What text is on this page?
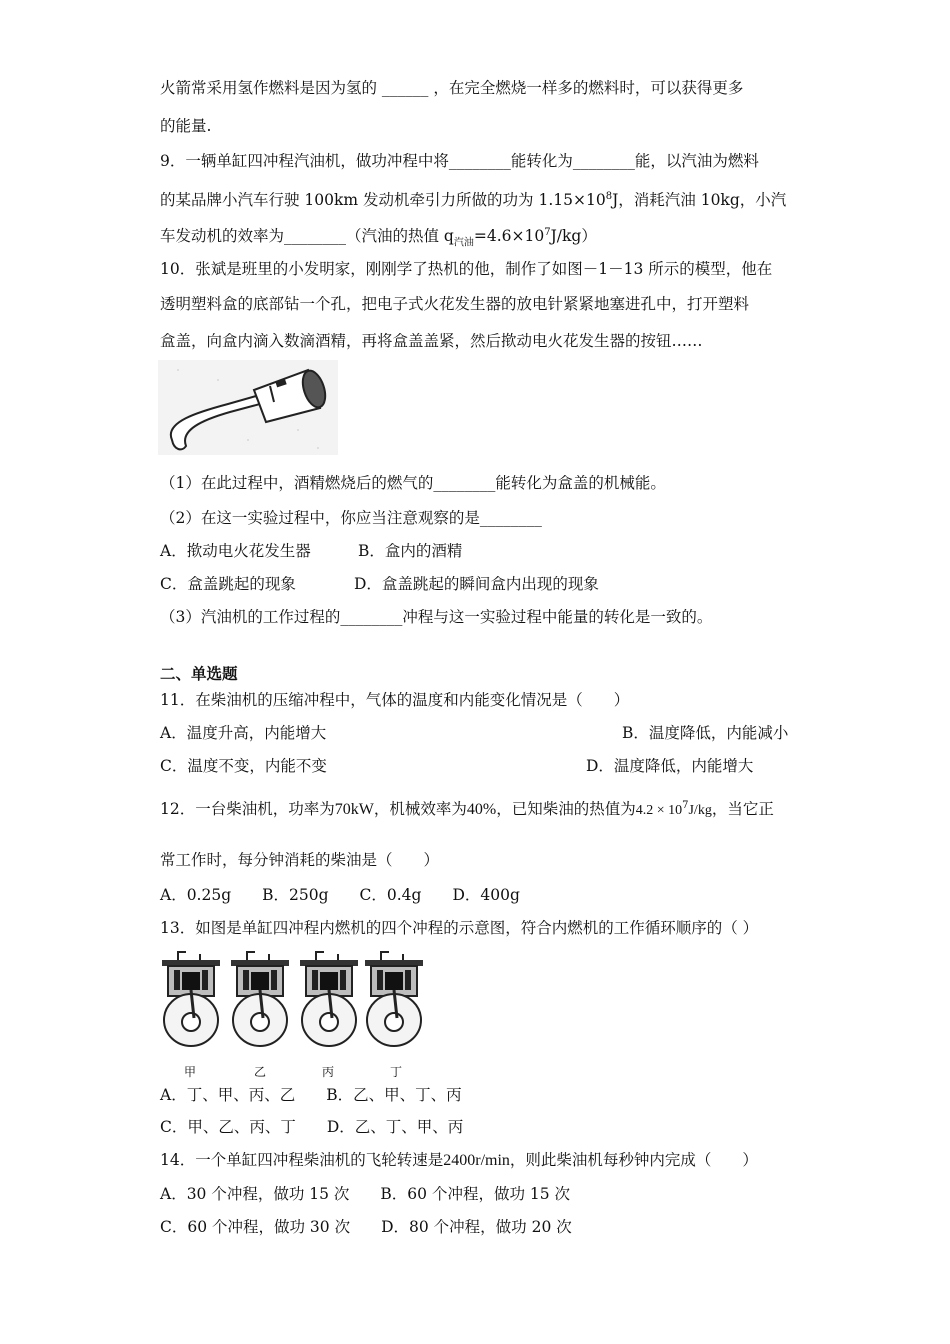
火箭常采用氢作燃料是因为氢的 ______ ，在完全燃烧一样多的燃料时，可以获得更多
的能量.
9．一辆单缸四冲程汽油机，做功冲程中将________能转化为________能，以汽油为燃料
的某品牌小汽车行驶 100km 发动机牵引力所做的功为 $1.15\times 10^8J$，消耗汽油 10kg，小汽
车发动机的效率为________（汽油的热值 $q_{汽油}=4.6\times 10^7J/kg$）
10．张斌是班里的小发明家，刚刚学了热机的他，制作了如图－1－13 所示的模型，他在
透明塑料盒的底部钻一个孔，把电子式火花发生器的放电针紧紧地塞进孔中，打开塑料
盒盖，向盒内滴入数滴酒精，再将盒盖盖紧，然后揿动电火花发生器的按钮……
（1）在此过程中，酒精燃烧后的燃气的________能转化为盒盖的机械能。
（2）在这一实验过程中，你应当注意观察的是________
A．揿动电火花发生器	B．盒内的酒精
C．盒盖跳起的现象	D．盒盖跳起的瞬间盒内出现的现象
（3）汽油机的工作过程的________冲程与这一实验过程中能量的转化是一致的。
二、单选题
11．在柴油机的压缩冲程中，气体的温度和内能变化情况是（　　）
A．温度升高，内能增大	B．温度降低，内能减小
C．温度不变，内能不变	D．温度降低，内能增大
12．一台柴油机，功率为70kW，机械效率为40%，已知柴油的热值为$4.2 \times 10^7J/kg$，当它正
常工作时，每分钟消耗的柴油是（　　）
A．0.25g　　B．250g　　C．0.4g　　D．400g
13．如图是单缸四冲程内燃机的四个冲程的示意图，符合内燃机的工作循环顺序的（ ）
甲	乙	丙	丁
A．丁、甲、丙、乙　　B．乙、甲、丁、丙
C．甲、乙、丙、丁　　D．乙、丁、甲、丙
14．一个单缸四冲程柴油机的飞轮转速是2400r/min，则此柴油机每秒钟内完成（　　）
A．30 个冲程，做功 15 次　　B．60 个冲程，做功 15 次
C．60 个冲程，做功 30 次　　D．80 个冲程，做功 20 次
